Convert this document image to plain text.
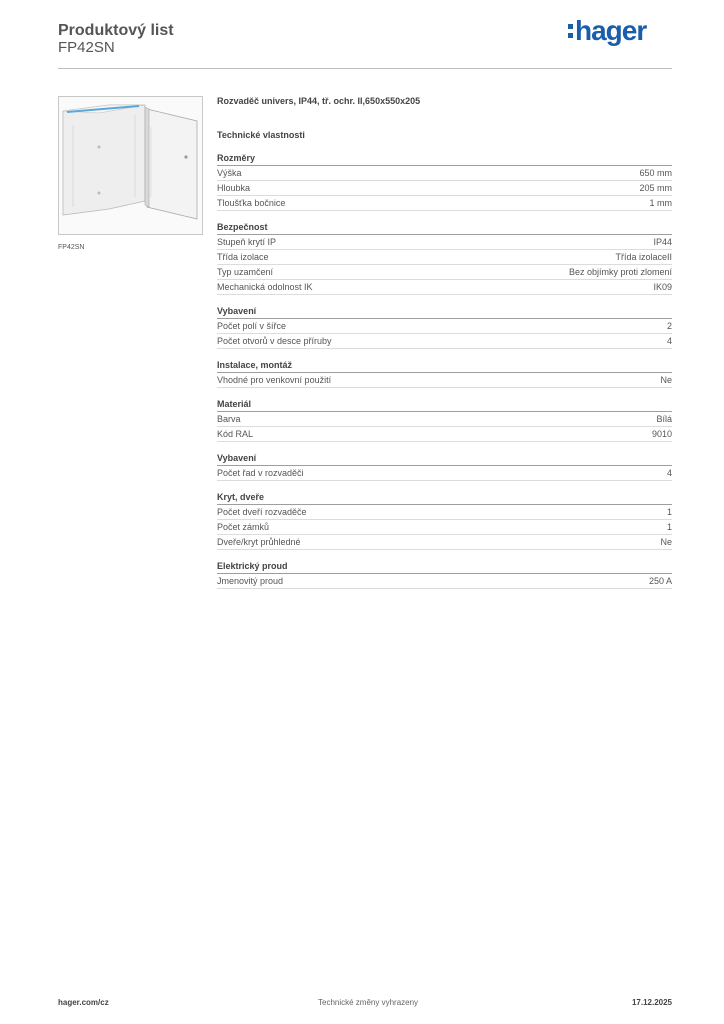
Produktový list
FP42SN
hager
FP42SN
Rozvaděč univers, IP44, tř. ochr. II,650x550x205
Technické vlastnosti
Rozměry
Výška	650 mm
Hloubka	205 mm
Tloušťka bočnice	1 mm
Bezpečnost
Stupeň krytí IP	IP44
Třída izolace	Třída izolaceII
Typ uzamčení	Bez objímky proti zlomení
Mechanická odolnost IK	IK09
Vybavení
Počet polí v šířce	2
Počet otvorů v desce příruby	4
Instalace, montáž
Vhodné pro venkovní použití	Ne
Materiál
Barva	Bílá
Kód RAL	9010
Vybavení
Počet řad v rozvaděči	4
Kryt, dveře
Počet dveří rozvaděče	1
Počet zámků	1
Dveře/kryt průhledné	Ne
Elektrický proud
Jmenovitý proud	250 A
hager.com/cz	Technické změny vyhrazeny	17.12.2025
